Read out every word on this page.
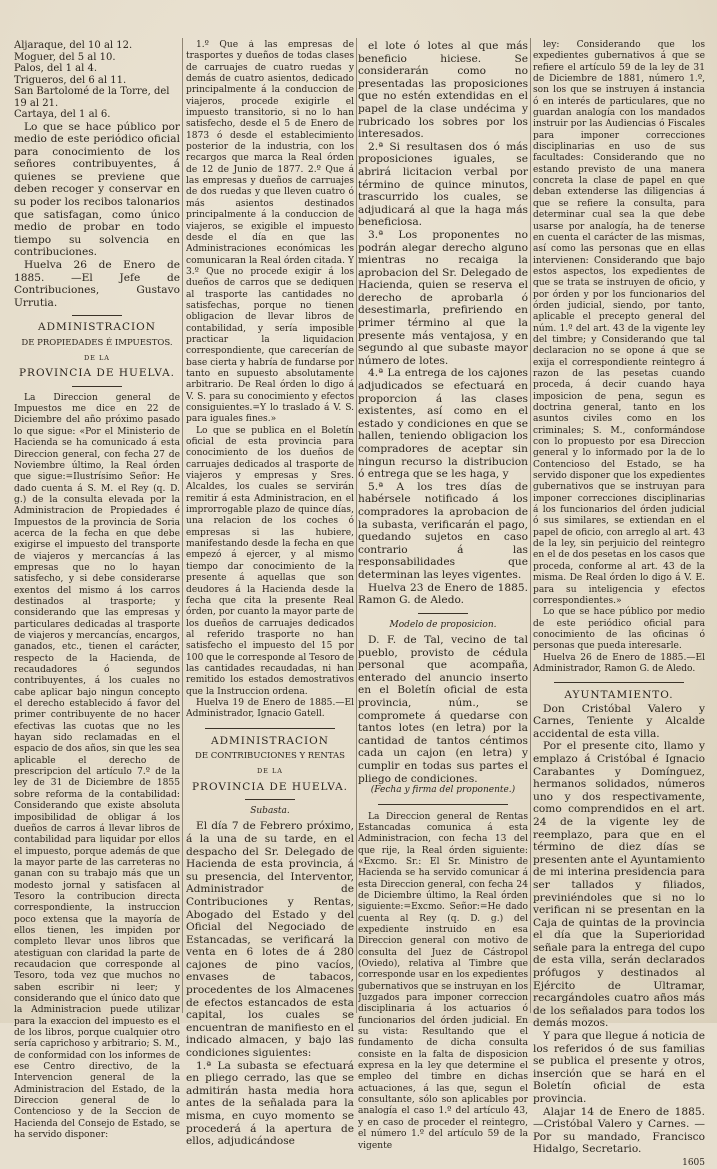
Aljaraque, del 10 al 12.

Moguer, del 5 al 10.

Palos, del 1 al 4.

Trigueros, del 6 al 11.

San Bartolomé de la Torre, del 19 al 21.

Cartaya, del 1 al 6.

Lo que se hace público por medio de este periódico oficial para conocimiento de los señores contribuyentes, á quienes se previene que deben recoger y conservar en su poder los recibos talonarios que satisfagan, como único medio de probar en todo tiempo su solvencia en contribuciones.

Huelva 26 de Enero de 1885. —El Jefe de Contribuciones, Gustavo Urrutia.

ADMINISTRACION

DE PROPIEDADES É IMPUESTOS.

DE LA

PROVINCIA DE HUELVA.

La Direccion general de Impuestos me dice en 22 de Diciembre del año próximo pasado lo que sigue: «Por el Ministerio de Hacienda se ha comunicado á esta Direccion general, con fecha 27 de Noviembre último, la Real órden que sigue:=Ilustrísimo Señor: He dado cuenta á S. M. el Rey (q. D. g.) de la consulta elevada por la Administracion de Propiedades é Impuestos de la provincia de Soria acerca de la fecha en que debe exigirse el impuesto del transporte de viajeros y mercancías á las empresas que no lo hayan satisfecho, y si debe considerarse exentos del mismo á los carros destinados al trasporte; y considerando que las empresas y particulares dedicadas al trasporte de viajeros y mercancías, encargos, ganados, etc., tienen el carácter, respecto de la Hacienda, de recaudadores ó segundos contribuyentes, á los cuales no cabe aplicar bajo ningun concepto el derecho establecido á favor del primer contribuyente de no hacer efectivas las cuotas que no les hayan sido reclamadas en el espacio de dos años, sin que les sea aplicable el derecho de prescripcion del artículo 7.º de la ley de 31 de Diciembre de 1855 sobre reforma de la contabilidad: Considerando que existe absoluta imposibilidad de obligar á los dueños de carros á llevar libros de contabilidad para liquidar por ellos el impuesto, porque además de que la mayor parte de las carreteras no ganan con su trabajo más que un modesto jornal y satisfacen al Tesoro la contribucion directa correspondiente, la instruccion poco extensa que la mayoría de ellos tienen, les impiden por completo llevar unos libros que atestiguan con claridad la parte de recaudacion que corresponde al Tesoro, toda vez que muchos no saben escribir ni leer; y considerando que el único dato que la Administracion puede utilizar para la exaccion del impuesto es el de los libros, porque cualquier otro sería caprichoso y arbitrario; S. M., de conformidad con los informes de ese Centro directivo, de la Intervencion general de la Administracion del Estado, de la Direccion general de lo Contencioso y de la Seccion de Hacienda del Consejo de Estado, se ha servido disponer:

1.º Que á las empresas de trasportes y dueños de todas clases de carruajes de cuatro ruedas y demás de cuatro asientos, dedicado principalmente á la conduccion de viajeros, procede exigirle el impuesto transitorio, si no lo han satisfecho, desde el 5 de Enero de 1873 ó desde el establecimiento posterior de la industria, con los recargos que marca la Real órden de 12 de Junio de 1877. 2.º Que á las empresas y dueños de carruajes de dos ruedas y que lleven cuatro ó más asientos destinados principalmente á la conduccion de viajeros, se exigible el impuesto desde el día en que las Administraciones económicas les comunicaran la Real órden citada. Y 3.º Que no procede exigir á los dueños de carros que se dediquen al trasporte las cantidades no satisfechas, porque no tienen obligacion de llevar libros de contabilidad, y sería imposible practicar la liquidacion correspondiente, que carecerían de base cierta y habría de fundarse por tanto en supuesto absolutamente arbitrario. De Real órden lo digo á V. S. para su conocimiento y efectos consiguientes.=Y lo traslado á V. S. para iguales fines.»

Lo que se publica en el Boletín oficial de esta provincia para conocimiento de los dueños de carruajes dedicados al trasporte de viajeros y empresas y Sres. Alcaldes, los cuales se servirán remitir á esta Administracion, en el improrrogable plazo de quince días, una relacion de los coches ó empresas si las hubiere, manifestando desde la fecha en que empezó á ejercer, y al mismo tiempo dar conocimiento de la presente á aquellas que son deudores á la Hacienda desde la fecha que cita la presente Real órden, por cuanto la mayor parte de los dueños de carruajes dedicados al referido trasporte no han satisfecho el impuesto del 15 por 100 que le corresponde al Tesoro de las cantidades recaudadas, ni han remitido los estados demostrativos que la Instruccion ordena.

Huelva 19 de Enero de 1885.—El Administrador, Ignacio Gatell.

ADMINISTRACION

DE CONTRIBUCIONES Y RENTAS

DE LA

PROVINCIA DE HUELVA.

Subasta.

El día 7 de Febrero próximo, á la una de su tarde, en el despacho del Sr. Delegado de Hacienda de esta provincia, á su presencia, del Interventor, Administrador de Contribuciones y Rentas, Abogado del Estado y del Oficial del Negociado de Estancadas, se verificará la venta en 6 lotes de á 280 cajones de pino vacíos, envases de tabacos, procedentes de los Almacenes de efectos estancados de esta capital, los cuales se encuentran de manifiesto en el indicado almacen, y bajo las condiciones siguientes:

1.ª La subasta se efectuará en pliego cerrado, las que se admitirán hasta media hora antes de la señalada para la misma, en cuyo momento se procederá á la apertura de ellos, adjudicándose

el lote ó lotes al que más beneficio hiciese. Se considerarán como no presentadas las proposiciones que no estén extendidas en el papel de la clase undécima y rubricado los sobres por los interesados.

2.ª Si resultasen dos ó más proposiciones iguales, se abrirá licitacion verbal por término de quince minutos, trascurrido los cuales, se adjudicará al que la haga más beneficiosa.

3.ª Los proponentes no podrán alegar derecho alguno mientras no recaiga la aprobacion del Sr. Delegado de Hacienda, quien se reserva el derecho de aprobarla ó desestimarla, prefiriendo en primer término al que la presente más ventajosa, y en segundo al que subaste mayor número de lotes.

4.ª La entrega de los cajones adjudicados se efectuará en proporcion á las clases existentes, así como en el estado y condiciones en que se hallen, teniendo obligacion los compradores de aceptar sin ningun recurso la distribucion ó entrega que se les haga, y

5.ª A los tres días de habérsele notificado á los compradores la aprobacion de la subasta, verificarán el pago, quedando sujetos en caso contrario á las responsabilidades que determinan las leyes vigentes.

Huelva 23 de Enero de 1885. Ramon G. de Aledo.

Modelo de proposicion.

D. F. de Tal, vecino de tal pueblo, provisto de cédula personal que acompaña, enterado del anuncio inserto en el Boletín oficial de esta provincia, núm., se compromete á quedarse con tantos lotes (en letra) por la cantidad de tantos céntimos cada un cajon (en letra) y cumplir en todas sus partes el pliego de condiciones.

(Fecha y firma del proponente.)

La Direccion general de Rentas Estancadas comunica á esta Administracion, con fecha 13 del que rije, la Real órden siguiente: «Excmo. Sr.: El Sr. Ministro de Hacienda se ha servido comunicar á esta Direccion general, con fecha 24 de Diciembre último, la Real órden siguiente:=Excmo. Señor:=He dado cuenta al Rey (q. D. g.) del expediente instruido en esa Direccion general con motivo de consulta del Juez de Cástropol (Oviedo), relativa al Timbre que corresponde usar en los expedientes gubernativos que se instruyan en los Juzgados para imponer correccion disciplinaria á los actuarios ó funcionarios del órden judicial. En su vista: Resultando que el fundamento de dicha consulta consiste en la falta de disposicion expresa en la ley que determine el empleo del timbre en dichas actuaciones, á las que, segun el consultante, sólo son aplicables por analogía el caso 1.º del artículo 43, y en caso de proceder el reintegro, el número 1.º del artículo 59 de la vigente

ley: Considerando que los expedientes gubernativos á que se refiere el artículo 59 de la ley de 31 de Diciembre de 1881, número 1.º, son los que se instruyen á instancia ó en interés de particulares, que no guardan analogía con los mandados instruir por las Audiencias ó Fiscales para imponer correcciones disciplinarias en uso de sus facultades: Considerando que no estando previsto de una manera concreta la clase de papel en que deban extenderse las diligencias á que se refiere la consulta, para determinar cual sea la que debe usarse por analogía, ha de tenerse en cuenta el carácter de las mismas, así como las personas que en ellas intervienen: Considerando que bajo estos aspectos, los expedientes de que se trata se instruyen de oficio, y por órden y por los funcionarios del órden judicial, siendo, por tanto, aplicable el precepto general del núm. 1.º del art. 43 de la vigente ley del timbre; y Considerando que tal declaracion no se opone á que se exija el correspondiente reintegro á razon de las pesetas cuando proceda, á decir cuando haya imposicion de pena, segun es doctrina general, tanto en los asuntos civiles como en los criminales; S. M., conformándose con lo propuesto por esa Direccion general y lo informado por la de lo Contencioso del Estado, se ha servido disponer que los expedientes gubernativos que se instruyan para imponer correcciones disciplinarias á los funcionarios del órden judicial ó sus similares, se extiendan en el papel de oficio, con arreglo al art. 43 de la ley, sin perjuicio del reintegro en el de dos pesetas en los casos que proceda, conforme al art. 43 de la misma. De Real órden lo digo á V. E. para su inteligencia y efectos correspondientes.»

Lo que se hace público por medio de este periódico oficial para conocimiento de las oficinas ó personas que pueda interesarle.

Huelva 26 de Enero de 1885.—El Administrador, Ramon G. de Aledo.

AYUNTAMIENTO.

Don Cristóbal Valero y Carnes, Teniente y Alcalde accidental de esta villa.

Por el presente cito, llamo y emplazo á Cristóbal é Ignacio Carabantes y Domínguez, hermanos solidados, números uno y dos respectivamente, como comprendidos en el art. 24 de la vigente ley de reemplazo, para que en el término de diez días se presenten ante el Ayuntamiento de mi interina presidencia para ser tallados y filiados, previniéndoles que si no lo verifican ni se presentan en la Caja de quintas de la provincia el día que la Superioridad señale para la entrega del cupo de esta villa, serán declarados prófugos y destinados al Ejército de Ultramar, recargándoles cuatro años más de los señalados para todos los demás mozos.

Y para que llegue á noticia de los referidos ó de sus familias se publica el presente y otros, inserción que se hará en el Boletín oficial de esta provincia.

Alajar 14 de Enero de 1885. —Cristóbal Valero y Carnes. —Por su mandado, Francisco Hidalgo, Secretario.

1605
